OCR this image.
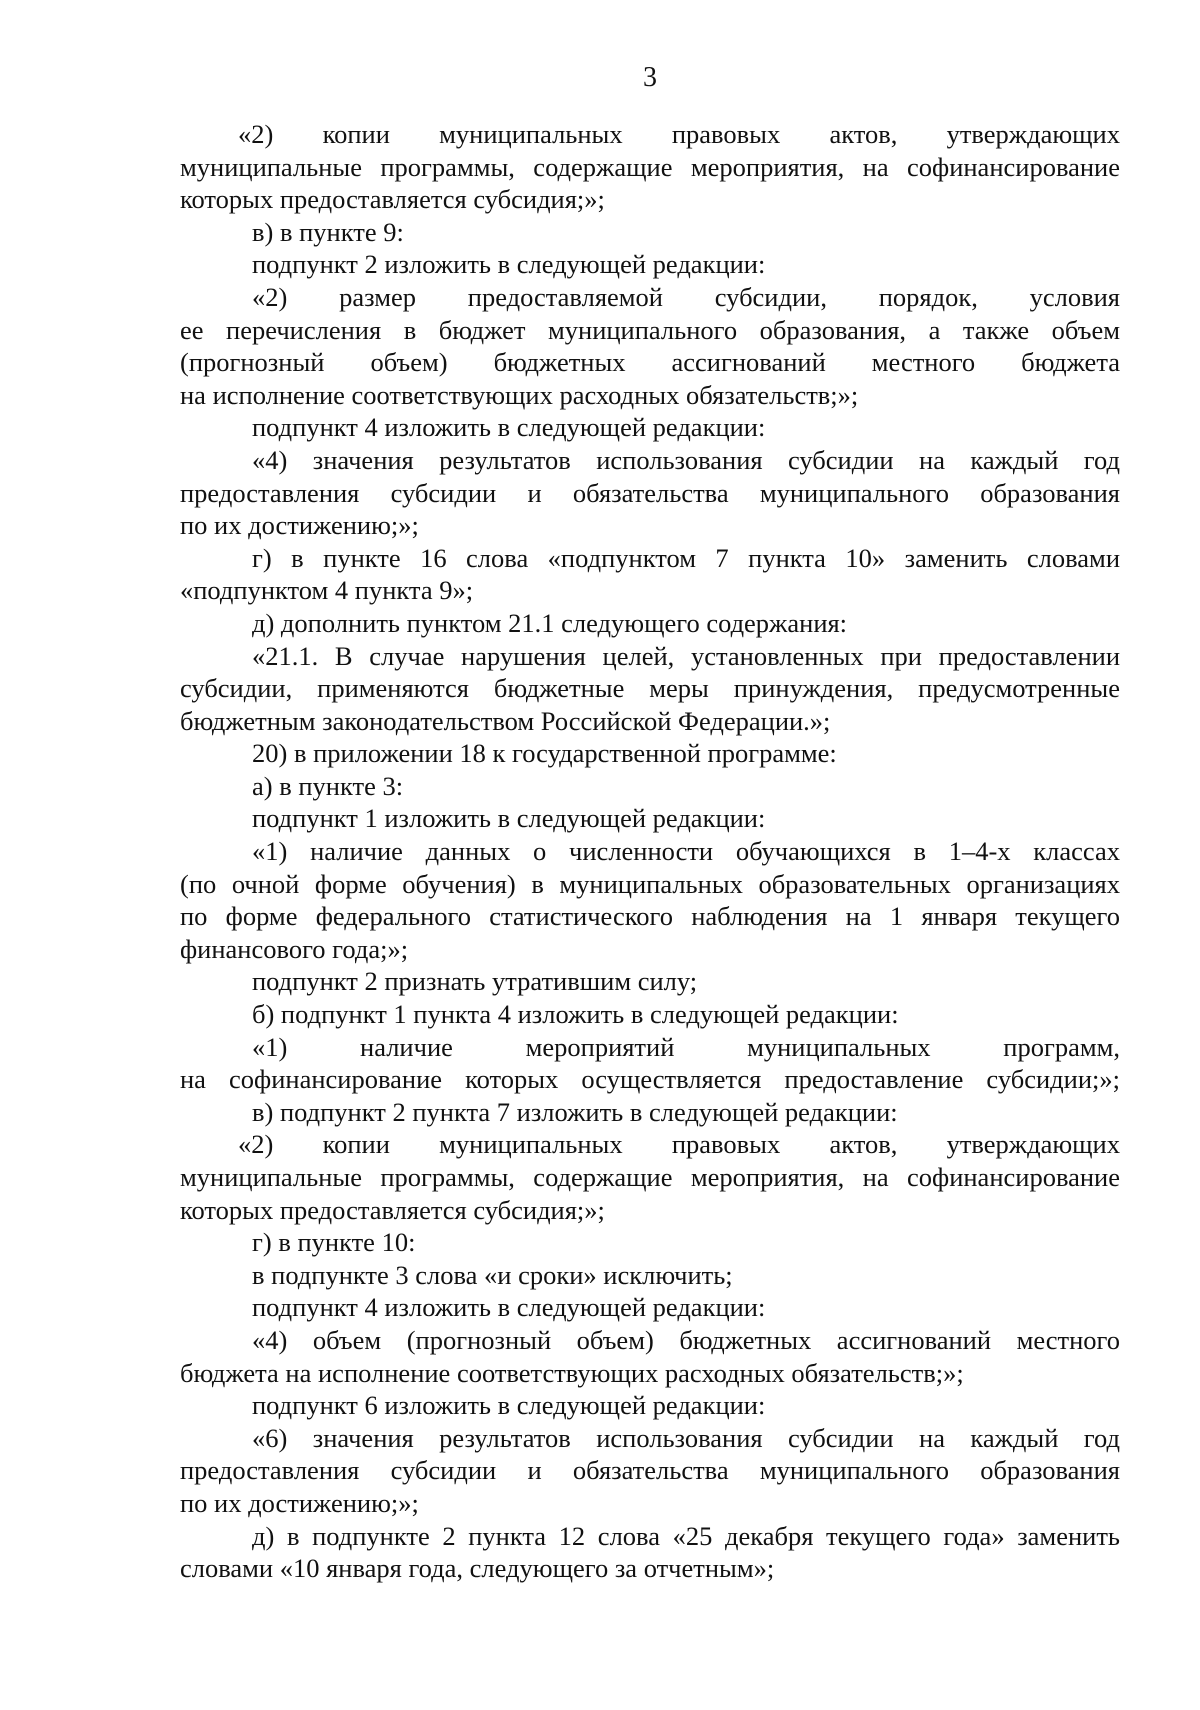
3
«2) копии муниципальных правовых актов, утверждающих
муниципальные программы, содержащие мероприятия, на софинансирование
которых предоставляется субсидия;»;
в) в пункте 9:
подпункт 2 изложить в следующей редакции:
«2) размер предоставляемой субсидии, порядок, условия
ее перечисления в бюджет муниципального образования, а также объем
(прогнозный объем) бюджетных ассигнований местного бюджета
на исполнение соответствующих расходных обязательств;»;
подпункт 4 изложить в следующей редакции:
«4) значения результатов использования субсидии на каждый год
предоставления субсидии и обязательства муниципального образования
по их достижению;»;
г) в пункте 16 слова «подпунктом 7 пункта 10» заменить словами
«подпунктом 4 пункта 9»;
д) дополнить пунктом 21.1 следующего содержания:
«21.1. В случае нарушения целей, установленных при предоставлении
субсидии, применяются бюджетные меры принуждения, предусмотренные
бюджетным законодательством Российской Федерации.»;
20) в приложении 18 к государственной программе:
а) в пункте 3:
подпункт 1 изложить в следующей редакции:
«1) наличие данных о численности обучающихся в 1–4-х классах
(по очной форме обучения) в муниципальных образовательных организациях
по форме федерального статистического наблюдения на 1 января текущего
финансового года;»;
подпункт 2 признать утратившим силу;
б) подпункт 1 пункта 4 изложить в следующей редакции:
«1) наличие мероприятий муниципальных программ,
на софинансирование которых осуществляется предоставление субсидии;»;
в) подпункт 2 пункта 7 изложить в следующей редакции:
«2) копии муниципальных правовых актов, утверждающих
муниципальные программы, содержащие мероприятия, на софинансирование
которых предоставляется субсидия;»;
г) в пункте 10:
в подпункте 3 слова «и сроки» исключить;
подпункт 4 изложить в следующей редакции:
«4) объем (прогнозный объем) бюджетных ассигнований местного
бюджета на исполнение соответствующих расходных обязательств;»;
подпункт 6 изложить в следующей редакции:
«6) значения результатов использования субсидии на каждый год
предоставления субсидии и обязательства муниципального образования
по их достижению;»;
д) в подпункте 2 пункта 12 слова «25 декабря текущего года» заменить
словами «10 января года, следующего за отчетным»;
